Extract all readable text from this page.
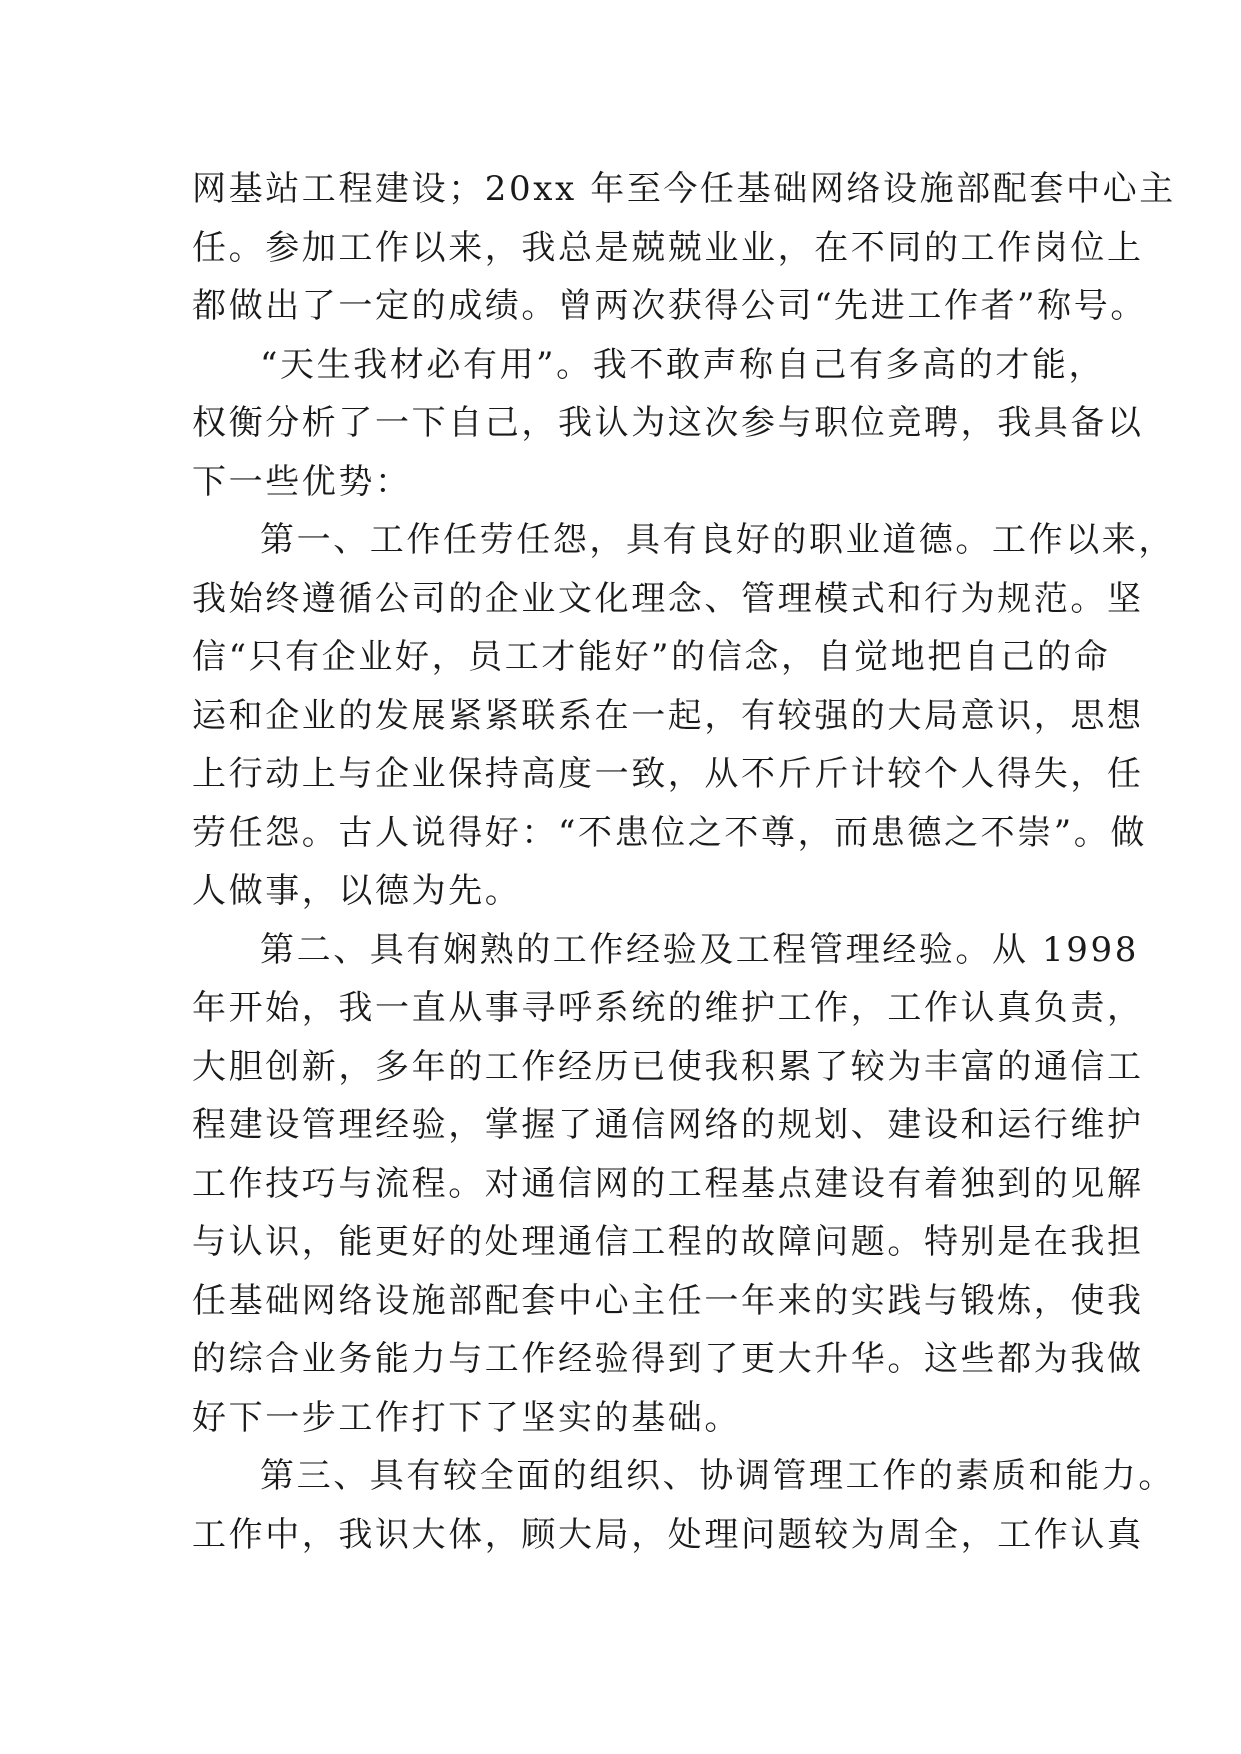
网基站工程建设；20xx 年至今任基础网络设施部配套中心主
任。参加工作以来，我总是兢兢业业，在不同的工作岗位上
都做出了一定的成绩。曾两次获得公司“先进工作者”称号。
“天生我材必有用”。我不敢声称自己有多高的才能，
权衡分析了一下自己，我认为这次参与职位竞聘，我具备以
下一些优势：
第一、工作任劳任怨，具有良好的职业道德。工作以来，
我始终遵循公司的企业文化理念、管理模式和行为规范。坚
信“只有企业好，员工才能好”的信念，自觉地把自己的命
运和企业的发展紧紧联系在一起，有较强的大局意识，思想
上行动上与企业保持高度一致，从不斤斤计较个人得失，任
劳任怨。古人说得好：“不患位之不尊，而患德之不崇”。做
人做事，以德为先。
第二、具有娴熟的工作经验及工程管理经验。从 1998
年开始，我一直从事寻呼系统的维护工作，工作认真负责，
大胆创新，多年的工作经历已使我积累了较为丰富的通信工
程建设管理经验，掌握了通信网络的规划、建设和运行维护
工作技巧与流程。对通信网的工程基点建设有着独到的见解
与认识，能更好的处理通信工程的故障问题。特别是在我担
任基础网络设施部配套中心主任一年来的实践与锻炼，使我
的综合业务能力与工作经验得到了更大升华。这些都为我做
好下一步工作打下了坚实的基础。
第三、具有较全面的组织、协调管理工作的素质和能力。
工作中，我识大体，顾大局，处理问题较为周全，工作认真
